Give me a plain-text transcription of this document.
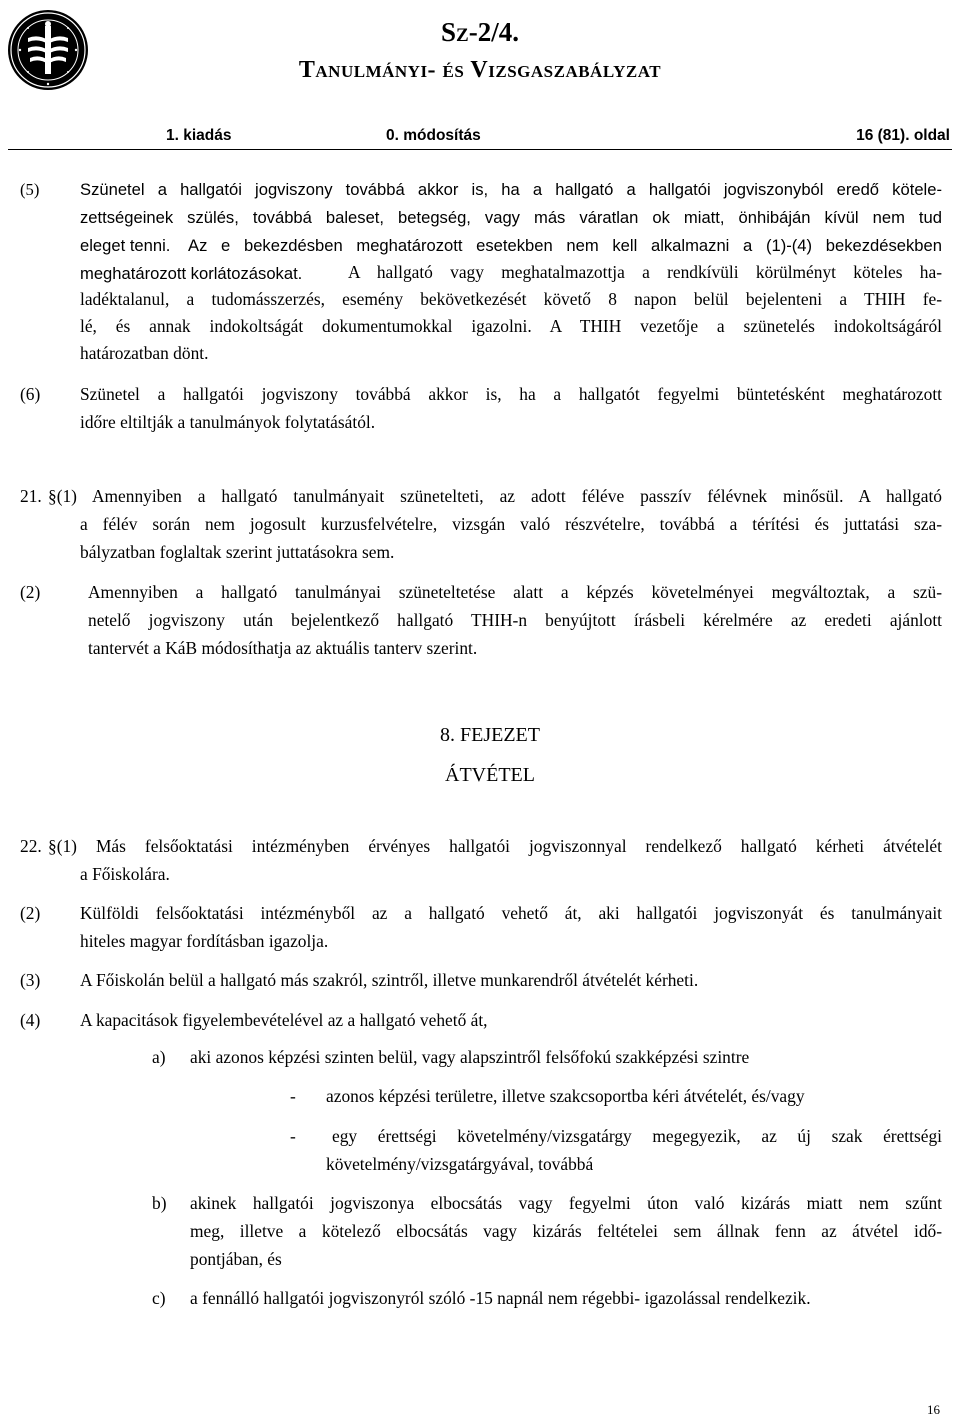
Sz-2/4.
Tanulmányi- és Vizsgaszabályzat
1. kiadás	0. módosítás	16 (81). oldal
(5) Szünetel a hallgatói jogviszony továbbá akkor is, ha a hallgató a hallgatói jogviszonyból eredő kötele-
zettségeinek szülés, továbbá baleset, betegség, vagy más váratlan ok miatt, önhibáján kívül nem tud
eleget tenni. Az e bekezdésben meghatározott esetekben nem kell alkalmazni a (1)-(4) bekezdésekben
meghatározott korlátozásokat.	A hallgató vagy meghatalmazottja a rendkívüli körülményt köteles ha-
ladéktalanul, a tudomásszerzés, esemény bekövetkezését követő 8 napon belül bejelenteni a THIH fe-
lé, és annak indokoltságát dokumentumokkal igazolni. A THIH vezetője a szünetelés indokoltságáról
határozatban dönt.
(6) Szünetel a hallgatói jogviszony továbbá akkor is, ha a hallgatót fegyelmi büntetésként meghatározott
időre eltiltják a tanulmányok folytatásától.
21. §(1) Amennyiben a hallgató tanulmányait szünetelteti, az adott féléve passzív félévnek minősül. A hallgató
a félév során nem jogosult kurzusfelvételre, vizsgán való részvételre, továbbá a térítési és juttatási sza-
bályzatban foglaltak szerint juttatásokra sem.
(2)	Amennyiben a hallgató tanulmányai szüneteltetése alatt a képzés követelményei megváltoztak, a szü-
netelő jogviszony után bejelentkező hallgató THIH-n benyújtott írásbeli kérelmére az eredeti ajánlott
tantervét a KáB módosíthatja az aktuális tanterv szerint.
8. FEJEZET
ÁTVÉTEL
22. §(1) Más felsőoktatási intézményben érvényes hallgatói jogviszonnyal rendelkező hallgató kérheti átvételét
a Főiskolára.
(2) Külföldi felsőoktatási intézményből az a hallgató vehető át, aki hallgatói jogviszonyát és tanulmányait
hiteles magyar fordításban igazolja.
(3) A Főiskolán belül a hallgató más szakról, szintről, illetve munkarendről átvételét kérheti.
(4) A kapacitások figyelembevételével az a hallgató vehető át,
a) aki azonos képzési szinten belül, vagy alapszintről felsőfokú szakképzési szintre
- azonos képzési területre, illetve szakcsoportba kéri átvételét, és/vagy
- egy érettségi követelmény/vizsgatárgy megegyezik, az új szak érettségi
követelmény/vizsgatárgyával, továbbá
b) akinek hallgatói jogviszonya elbocsátás vagy fegyelmi úton való kizárás miatt nem szűnt
meg, illetve a kötelező elbocsátás vagy kizárás feltételei sem állnak fenn az átvétel idő-
pontjában, és
c) a fennálló hallgatói jogviszonyról szóló -15 napnál nem régebbi- igazolással rendelkezik.
16
